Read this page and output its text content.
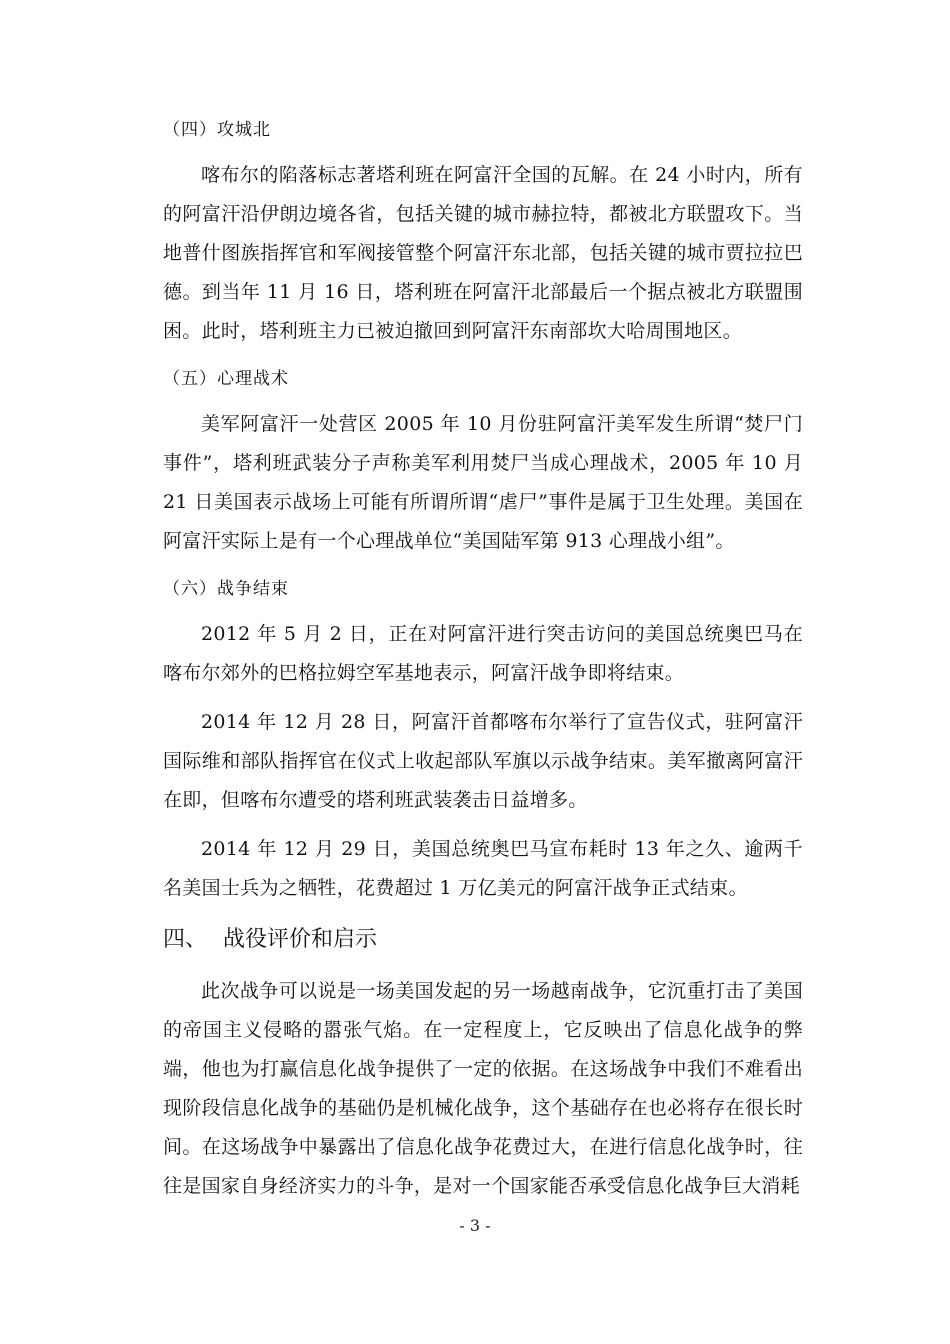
（四）攻城北

喀布尔的陷落标志著塔利班在阿富汗全国的瓦解。在 24 小时内，所有的阿富汗沿伊朗边境各省，包括关键的城市赫拉特，都被北方联盟攻下。当地普什图族指挥官和军阀接管整个阿富汗东北部，包括关键的城市贾拉拉巴德。到当年 11 月 16 日，塔利班在阿富汗北部最后一个据点被北方联盟围困。此时，塔利班主力已被迫撤回到阿富汗东南部坎大哈周围地区。

（五）心理战术

美军阿富汗一处营区 2005 年 10 月份驻阿富汗美军发生所谓“焚尸门事件”，塔利班武装分子声称美军利用焚尸当成心理战术，2005 年 10 月 21 日美国表示战场上可能有所谓所谓“虐尸”事件是属于卫生处理。美国在阿富汗实际上是有一个心理战单位“美国陆军第 913 心理战小组”。

（六）战争结束

2012 年 5 月 2 日，正在对阿富汗进行突击访问的美国总统奥巴马在喀布尔郊外的巴格拉姆空军基地表示，阿富汗战争即将结束。

2014 年 12 月 28 日，阿富汗首都喀布尔举行了宣告仪式，驻阿富汗国际维和部队指挥官在仪式上收起部队军旗以示战争结束。美军撤离阿富汗在即，但喀布尔遭受的塔利班武装袭击日益增多。

2014 年 12 月 29 日，美国总统奥巴马宣布耗时 13 年之久、逾两千名美国士兵为之牺牲，花费超过 1 万亿美元的阿富汗战争正式结束。

四、 战役评价和启示

此次战争可以说是一场美国发起的另一场越南战争，它沉重打击了美国的帝国主义侵略的嚣张气焰。在一定程度上，它反映出了信息化战争的弊端，他也为打赢信息化战争提供了一定的依据。在这场战争中我们不难看出现阶段信息化战争的基础仍是机械化战争，这个基础存在也必将存在很长时间。在这场战争中暴露出了信息化战争花费过大，在进行信息化战争时，往往是国家自身经济实力的斗争，是对一个国家能否承受信息化战争巨大消耗

- 3 -
